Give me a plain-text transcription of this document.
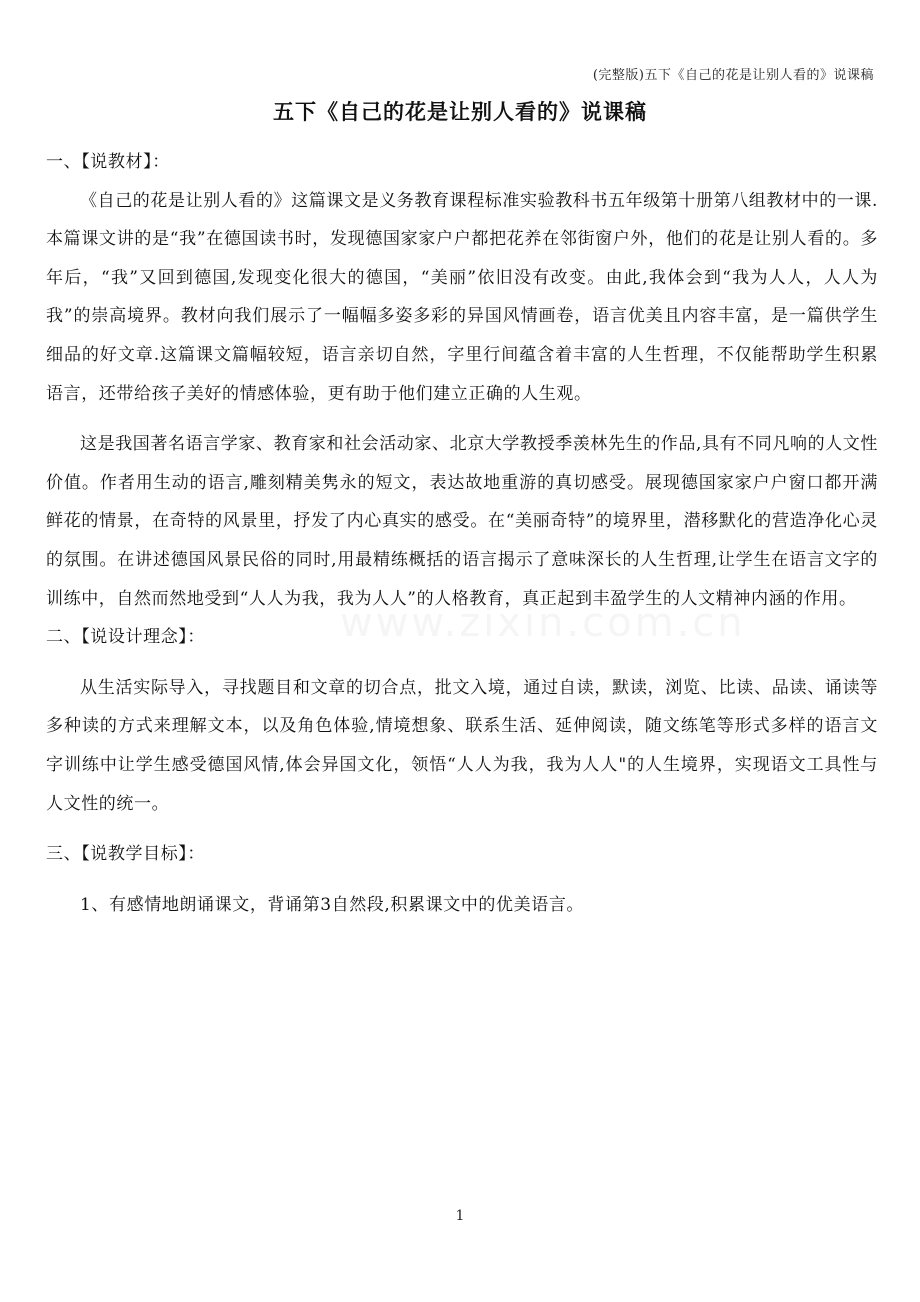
(完整版)五下《自己的花是让别人看的》说课稿
五下《自己的花是让别人看的》说课稿

一、【说教材】：

《自己的花是让别人看的》这篇课文是义务教育课程标准实验教科书五年级第十册第八组教材中的一课.本篇课文讲的是“我”在德国读书时，发现德国家家户户都把花养在邻街窗户外，他们的花是让别人看的。多年后，“我”又回到德国,发现变化很大的德国，“美丽”依旧没有改变。由此,我体会到“我为人人，人人为我”的崇高境界。教材向我们展示了一幅幅多姿多彩的异国风情画卷，语言优美且内容丰富，是一篇供学生细品的好文章.这篇课文篇幅较短，语言亲切自然，字里行间蕴含着丰富的人生哲理，不仅能帮助学生积累语言，还带给孩子美好的情感体验，更有助于他们建立正确的人生观。

这是我国著名语言学家、教育家和社会活动家、北京大学教授季羡林先生的作品,具有不同凡响的人文性价值。作者用生动的语言,雕刻精美隽永的短文，表达故地重游的真切感受。展现德国家家户户窗口都开满鲜花的情景，在奇特的风景里，抒发了内心真实的感受。在“美丽奇特”的境界里，潜移默化的营造净化心灵的氛围。在讲述德国风景民俗的同时,用最精练概括的语言揭示了意味深长的人生哲理,让学生在语言文字的训练中，自然而然地受到“人人为我，我为人人”的人格教育，真正起到丰盈学生的人文精神内涵的作用。

二、【说设计理念】：

从生活实际导入，寻找题目和文章的切合点，批文入境，通过自读，默读，浏览、比读、品读、诵读等多种读的方式来理解文本，以及角色体验,情境想象、联系生活、延伸阅读，随文练笔等形式多样的语言文字训练中让学生感受德国风情,体会异国文化，领悟“人人为我，我为人人"的人生境界，实现语文工具性与人文性的统一。

三、【说教学目标】：

1、有感情地朗诵课文，背诵第3自然段,积累课文中的优美语言。

www.zixin.com.cn
1
